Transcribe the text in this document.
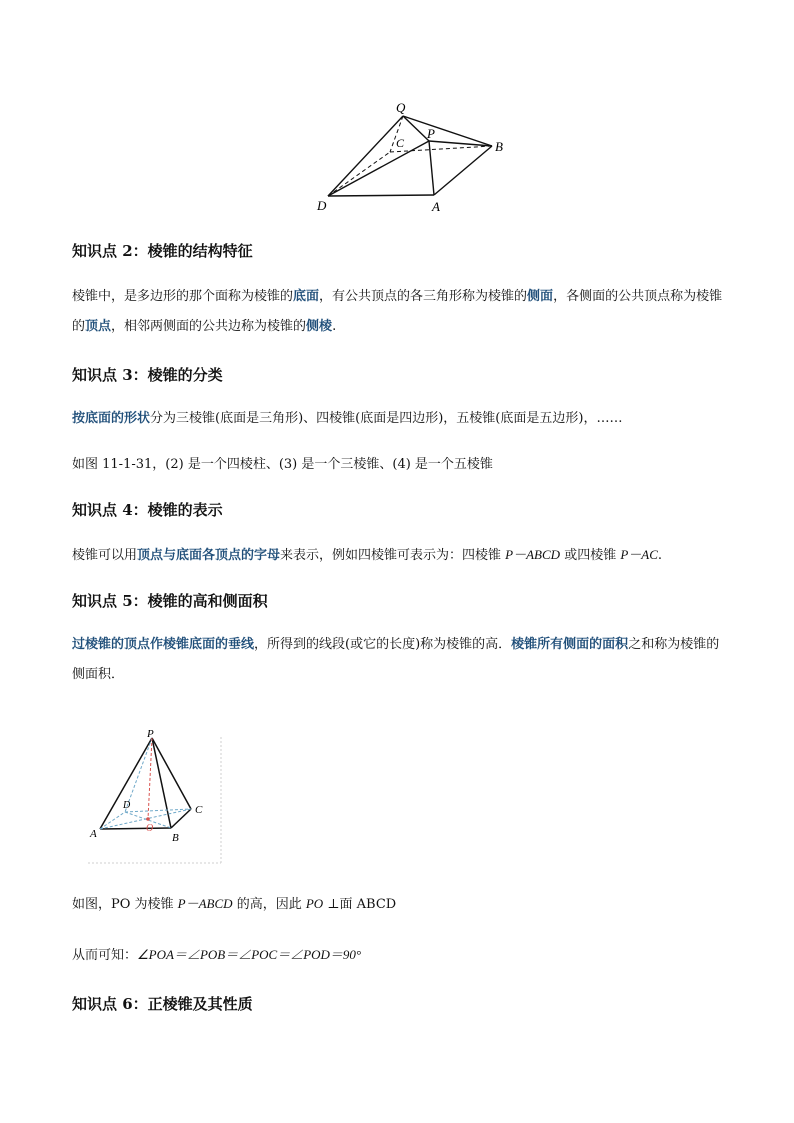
Q
P
C	B
D	A
知识点 2：棱锥的结构特征

棱锥中，是多边形的那个面称为棱锥的底面，有公共顶点的各三角形称为棱锥的侧面，各侧面的公共顶点称为棱锥的顶点，相邻两侧面的公共边称为棱锥的侧棱.

知识点 3：棱锥的分类

按底面的形状分为三棱锥(底面是三角形)、四棱锥(底面是四边形)，五棱锥(底面是五边形)，……

如图 11-1-31，(2) 是一个四棱柱、(3) 是一个三棱锥、(4) 是一个五棱锥

知识点 4：棱锥的表示

棱锥可以用顶点与底面各顶点的字母来表示，例如四棱锥可表示为：四棱锥 P－ABCD 或四棱锥 P－AC.

知识点 5：棱锥的高和侧面积

过棱锥的顶点作棱锥底面的垂线，所得到的线段(或它的长度)称为棱锥的高．棱锥所有侧面的面积之和称为棱锥的侧面积．

P
D	C
O
A	B

如图，PO 为棱锥 P－ABCD 的高，因此 PO ⊥面 ABCD

从而可知：∠POA＝∠POB＝∠POC＝∠POD＝90°

知识点 6：正棱锥及其性质
